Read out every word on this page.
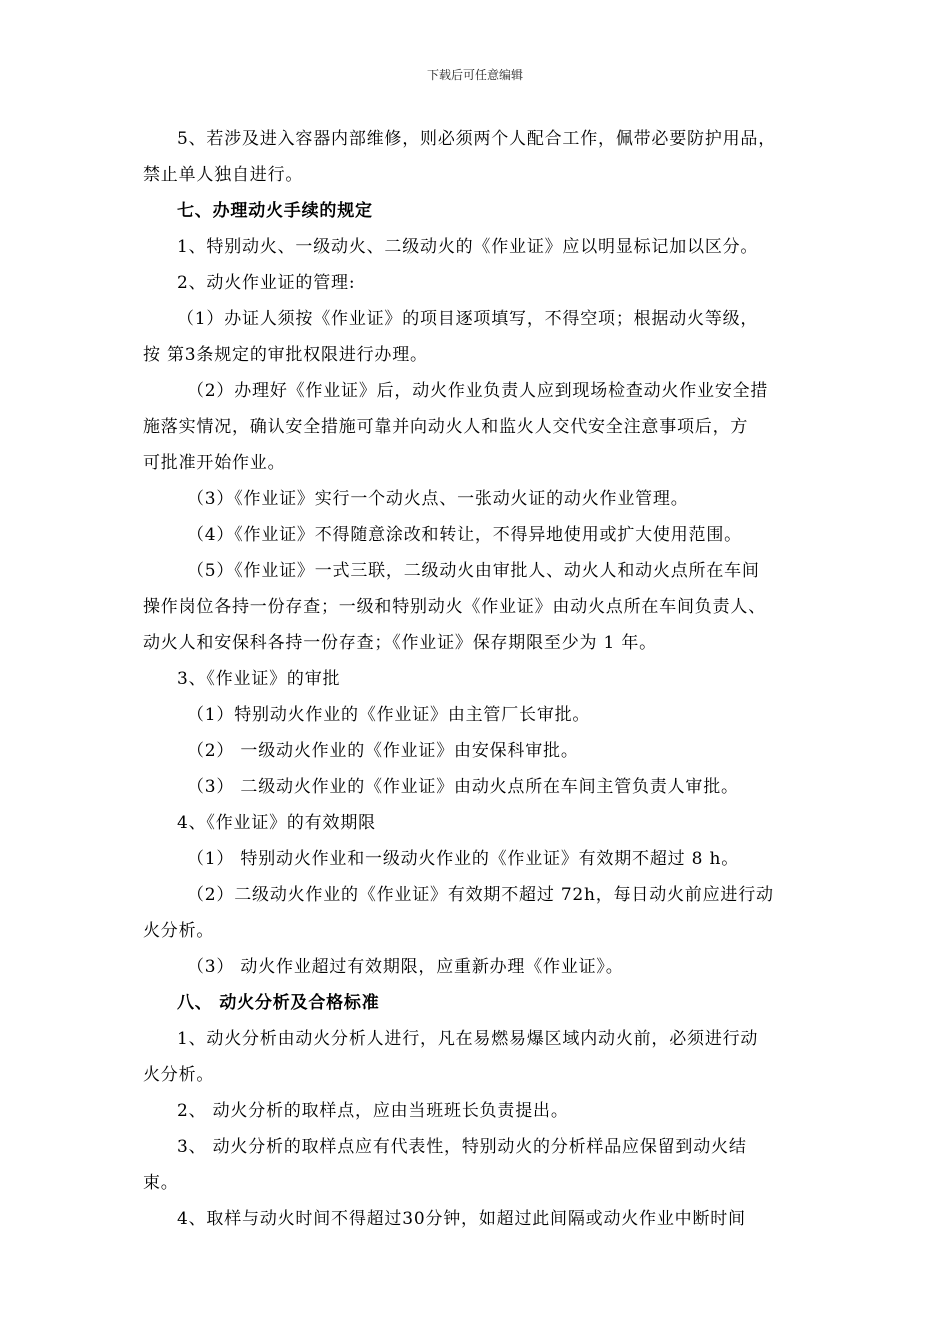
下载后可任意编辑
5、若涉及进入容器内部维修，则必须两个人配合工作，佩带必要防护用品，
禁止单人独自进行。
七、办理动火手续的规定
1、特别动火、一级动火、二级动火的《作业证》应以明显标记加以区分。
2、动火作业证的管理:
（1）办证人须按《作业证》的项目逐项填写，不得空项；根据动火等级，
按 第3条规定的审批权限进行办理。
（2）办理好《作业证》后，动火作业负责人应到现场检查动火作业安全措
施落实情况，确认安全措施可靠并向动火人和监火人交代安全注意事项后，方
可批准开始作业。
（3）《作业证》实行一个动火点、一张动火证的动火作业管理。
（4）《作业证》不得随意涂改和转让，不得异地使用或扩大使用范围。
（5）《作业证》一式三联，二级动火由审批人、动火人和动火点所在车间
操作岗位各持一份存查；一级和特别动火《作业证》由动火点所在车间负责人、
动火人和安保科各持一份存查；《作业证》保存期限至少为 1 年。
3、《作业证》的审批
（1）特别动火作业的《作业证》由主管厂长审批。
（2） 一级动火作业的《作业证》由安保科审批。
（3） 二级动火作业的《作业证》由动火点所在车间主管负责人审批。
4、《作业证》的有效期限
（1） 特别动火作业和一级动火作业的《作业证》有效期不超过 8 h。
（2）二级动火作业的《作业证》有效期不超过 72h，每日动火前应进行动
火分析。
（3） 动火作业超过有效期限，应重新办理《作业证》。
八、 动火分析及合格标准
1、动火分析由动火分析人进行，凡在易燃易爆区域内动火前，必须进行动
火分析。
2、 动火分析的取样点，应由当班班长负责提出。
3、 动火分析的取样点应有代表性，特别动火的分析样品应保留到动火结
束。
4、取样与动火时间不得超过30分钟，如超过此间隔或动火作业中断时间
